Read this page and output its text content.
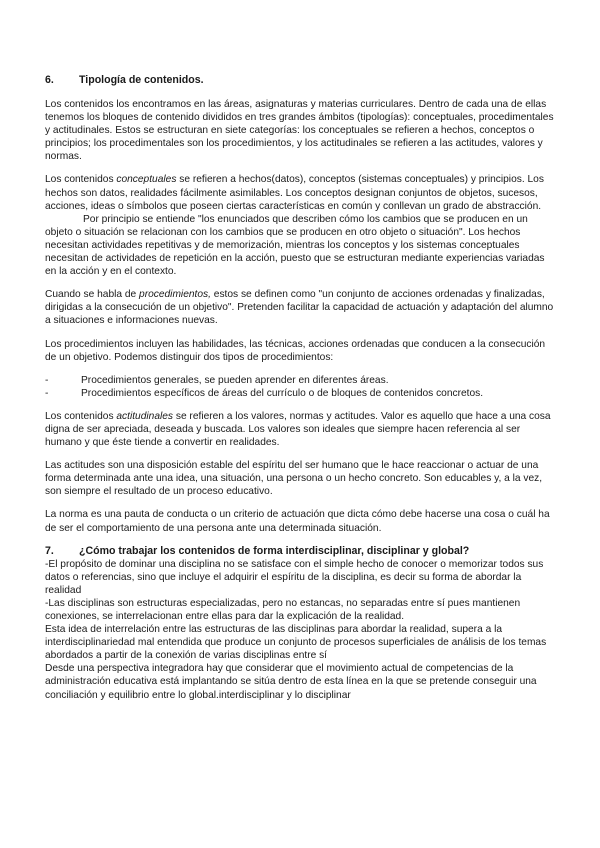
6. Tipología de contenidos.

Los contenidos los encontramos en las áreas, asignaturas y materias curriculares. Dentro de cada una de ellas tenemos los bloques de contenido divididos en tres grandes ámbitos (tipologías): conceptuales, procedimentales y actitudinales. Estos se estructuran en siete categorías: los conceptuales se refieren a hechos, conceptos o principios; los procedimentales son los procedimientos, y los actitudinales se refieren a las actitudes, valores y normas.

Los contenidos conceptuales se refieren a hechos(datos), conceptos (sistemas conceptuales) y principios. Los hechos son datos, realidades fácilmente asimilables. Los conceptos designan conjuntos de objetos, sucesos, acciones, ideas o símbolos que poseen ciertas características en común y conllevan un grado de abstracción.Por principio se entiende "los enunciados que describen cómo los cambios que se producen en un objeto o situación se relacionan con los cambios que se producen en otro objeto o situación". Los hechos necesitan actividades repetitivas y de memorización, mientras los conceptos y los sistemas conceptuales necesitan de actividades de repetición en la acción, puesto que se estructuran mediante experiencias variadas en la acción y en el contexto.

Cuando se habla de procedimientos, estos se definen como "un conjunto de acciones ordenadas y finalizadas, dirigidas a la consecución de un objetivo". Pretenden facilitar la capacidad de actuación y adaptación del alumno a situaciones e informaciones nuevas.

Los procedimientos incluyen las habilidades, las técnicas, acciones ordenadas que conducen a la consecución de un objetivo. Podemos distinguir dos tipos de procedimientos:

-	Procedimientos generales, se pueden aprender en diferentes áreas.
-	Procedimientos específicos de áreas del currículo o de bloques de contenidos concretos.

Los contenidos actitudinales se refieren a los valores, normas y actitudes. Valor es aquello que hace a una cosa digna de ser apreciada, deseada y buscada. Los valores son ideales que siempre hacen referencia al ser humano y que éste tiende a convertir en realidades.

Las actitudes son una disposición estable del espíritu del ser humano que le hace reaccionar o actuar de una forma determinada ante una idea, una situación, una persona o un hecho concreto. Son educables y, a la vez, son siempre el resultado de un proceso educativo.

La norma es una pauta de conducta o un criterio de actuación que dicta cómo debe hacerse una cosa o cuál ha de ser el comportamiento de una persona ante una determinada situación.

7. ¿Cómo trabajar los contenidos de forma interdisciplinar, disciplinar y global?
-El propósito de dominar una disciplina no se satisface con el simple hecho de conocer o memorizar todos sus datos o referencias, sino que incluye el adquirir el espíritu de la disciplina, es decir su forma de abordar la realidad
-Las disciplinas son estructuras especializadas, pero no estancas, no separadas entre sí pues mantienen conexiones, se interrelacionan entre ellas para dar la explicación de la realidad.
Esta idea de interrelación entre las estructuras de las disciplinas para abordar la realidad, supera a la interdisciplinariedad mal entendida que produce un conjunto de procesos superficiales de análisis de los temas abordados a partir de la conexión de varias disciplinas entre sí
Desde una perspectiva integradora hay que considerar que el movimiento actual de competencias de la administración educativa está implantando se sitúa dentro de esta línea en la que se pretende conseguir una conciliación y equilibrio entre lo global.interdisciplinar y lo disciplinar
